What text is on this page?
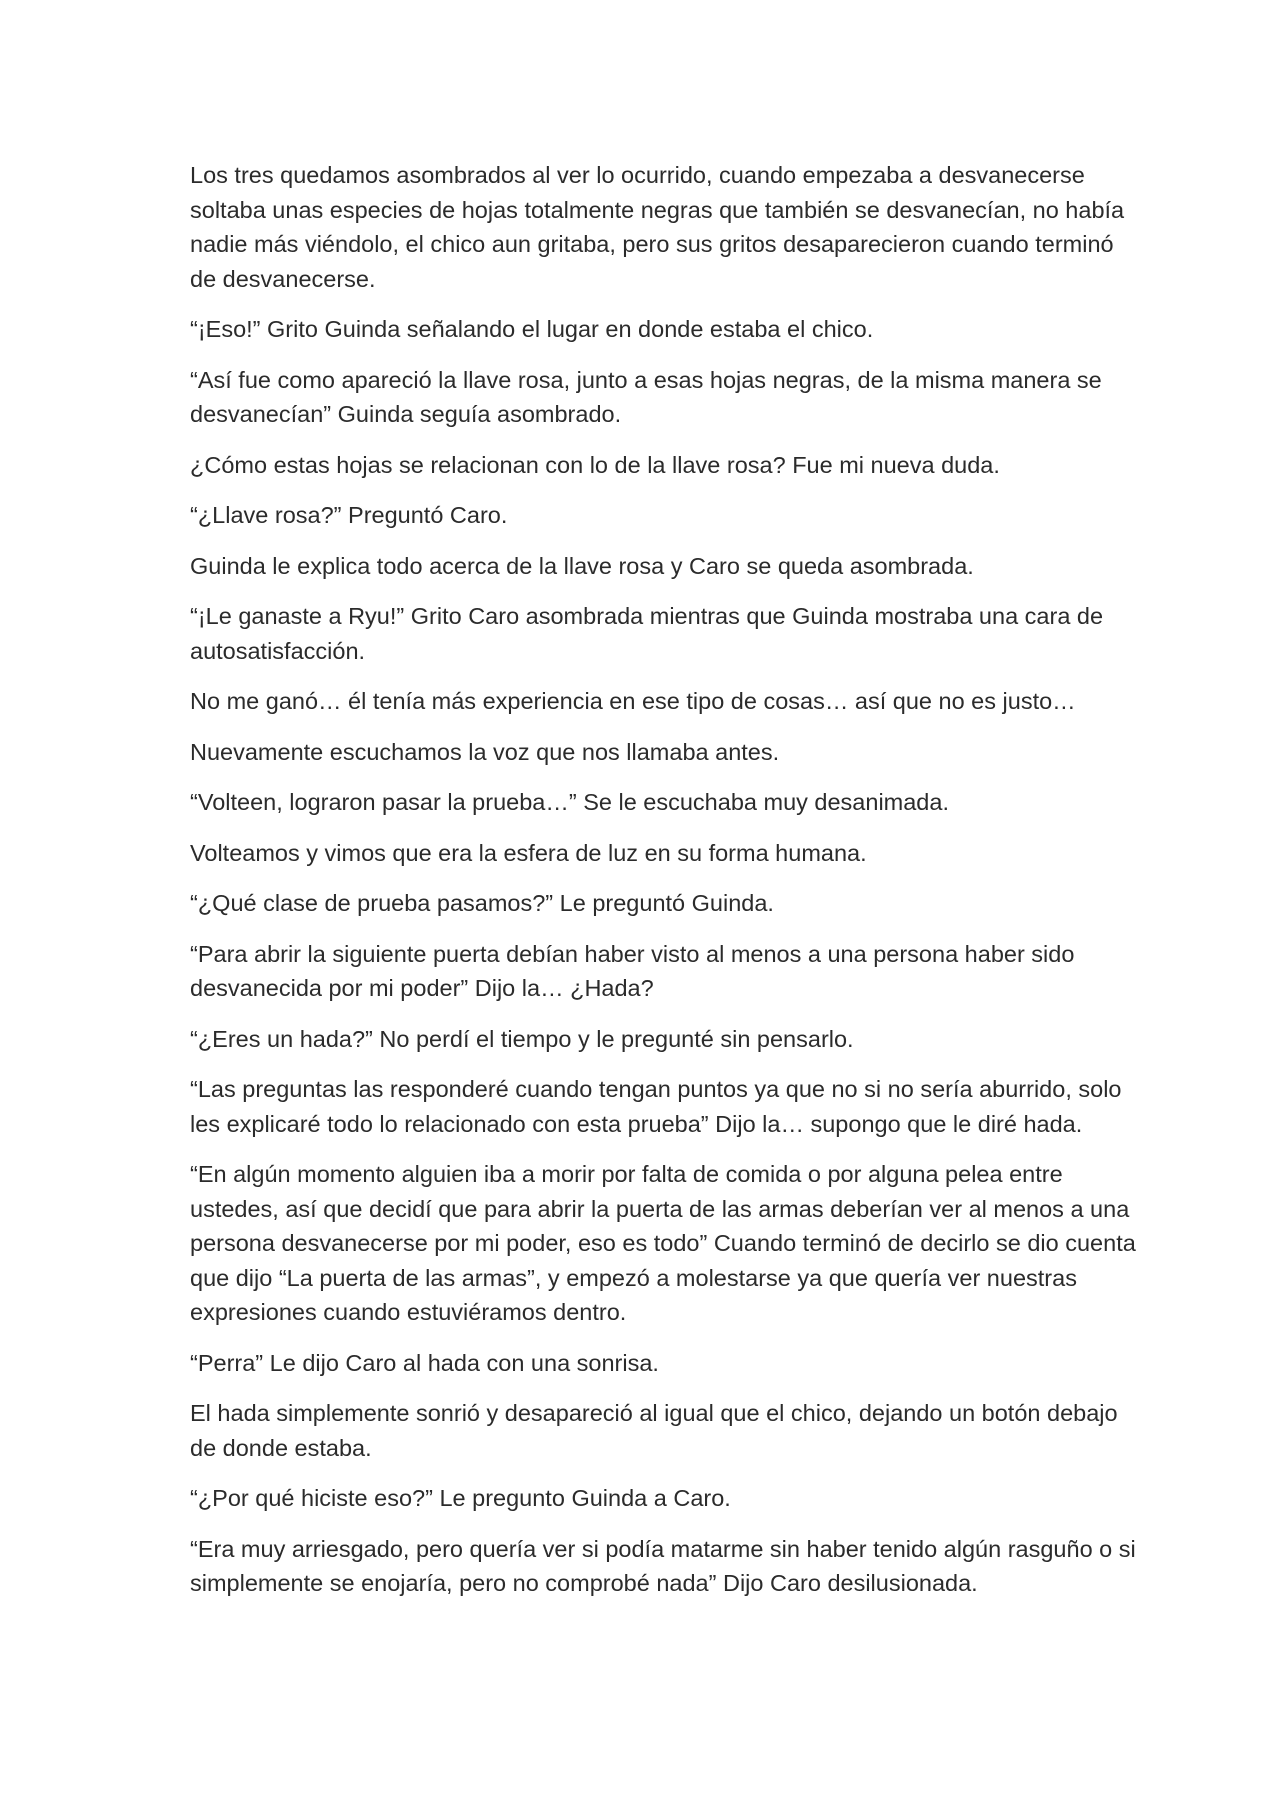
Los tres quedamos asombrados al ver lo ocurrido, cuando empezaba a desvanecerse soltaba unas especies de hojas totalmente negras que también se desvanecían, no había nadie más viéndolo, el chico aun gritaba, pero sus gritos desaparecieron cuando terminó de desvanecerse.

“¡Eso!” Grito Guinda señalando el lugar en donde estaba el chico.

“Así fue como apareció la llave rosa, junto a esas hojas negras, de la misma manera se desvanecían” Guinda seguía asombrado.

¿Cómo estas hojas se relacionan con lo de la llave rosa? Fue mi nueva duda.

“¿Llave rosa?” Preguntó Caro.

Guinda le explica todo acerca de la llave rosa y Caro se queda asombrada.

“¡Le ganaste a Ryu!” Grito Caro asombrada mientras que Guinda mostraba una cara de autosatisfacción.

No me ganó… él tenía más experiencia en ese tipo de cosas… así que no es justo…

Nuevamente escuchamos la voz que nos llamaba antes.

“Volteen, lograron pasar la prueba…” Se le escuchaba muy desanimada.

Volteamos y vimos que era la esfera de luz en su forma humana.

“¿Qué clase de prueba pasamos?” Le preguntó Guinda.

“Para abrir la siguiente puerta debían haber visto al menos a una persona haber sido desvanecida por mi poder” Dijo la… ¿Hada?

“¿Eres un hada?” No perdí el tiempo y le pregunté sin pensarlo.

“Las preguntas las responderé cuando tengan puntos ya que no si no sería aburrido, solo les explicaré todo lo relacionado con esta prueba” Dijo la… supongo que le diré hada.

“En algún momento alguien iba a morir por falta de comida o por alguna pelea entre ustedes, así que decidí que para abrir la puerta de las armas deberían ver al menos a una persona desvanecerse por mi poder, eso es todo” Cuando terminó de decirlo se dio cuenta que dijo “La puerta de las armas”, y empezó a molestarse ya que quería ver nuestras expresiones cuando estuviéramos dentro.

“Perra” Le dijo Caro al hada con una sonrisa.

El hada simplemente sonrió y desapareció al igual que el chico, dejando un botón debajo de donde estaba.

“¿Por qué hiciste eso?” Le pregunto Guinda a Caro.

“Era muy arriesgado, pero quería ver si podía matarme sin haber tenido algún rasguño o si simplemente se enojaría, pero no comprobé nada” Dijo Caro desilusionada.
